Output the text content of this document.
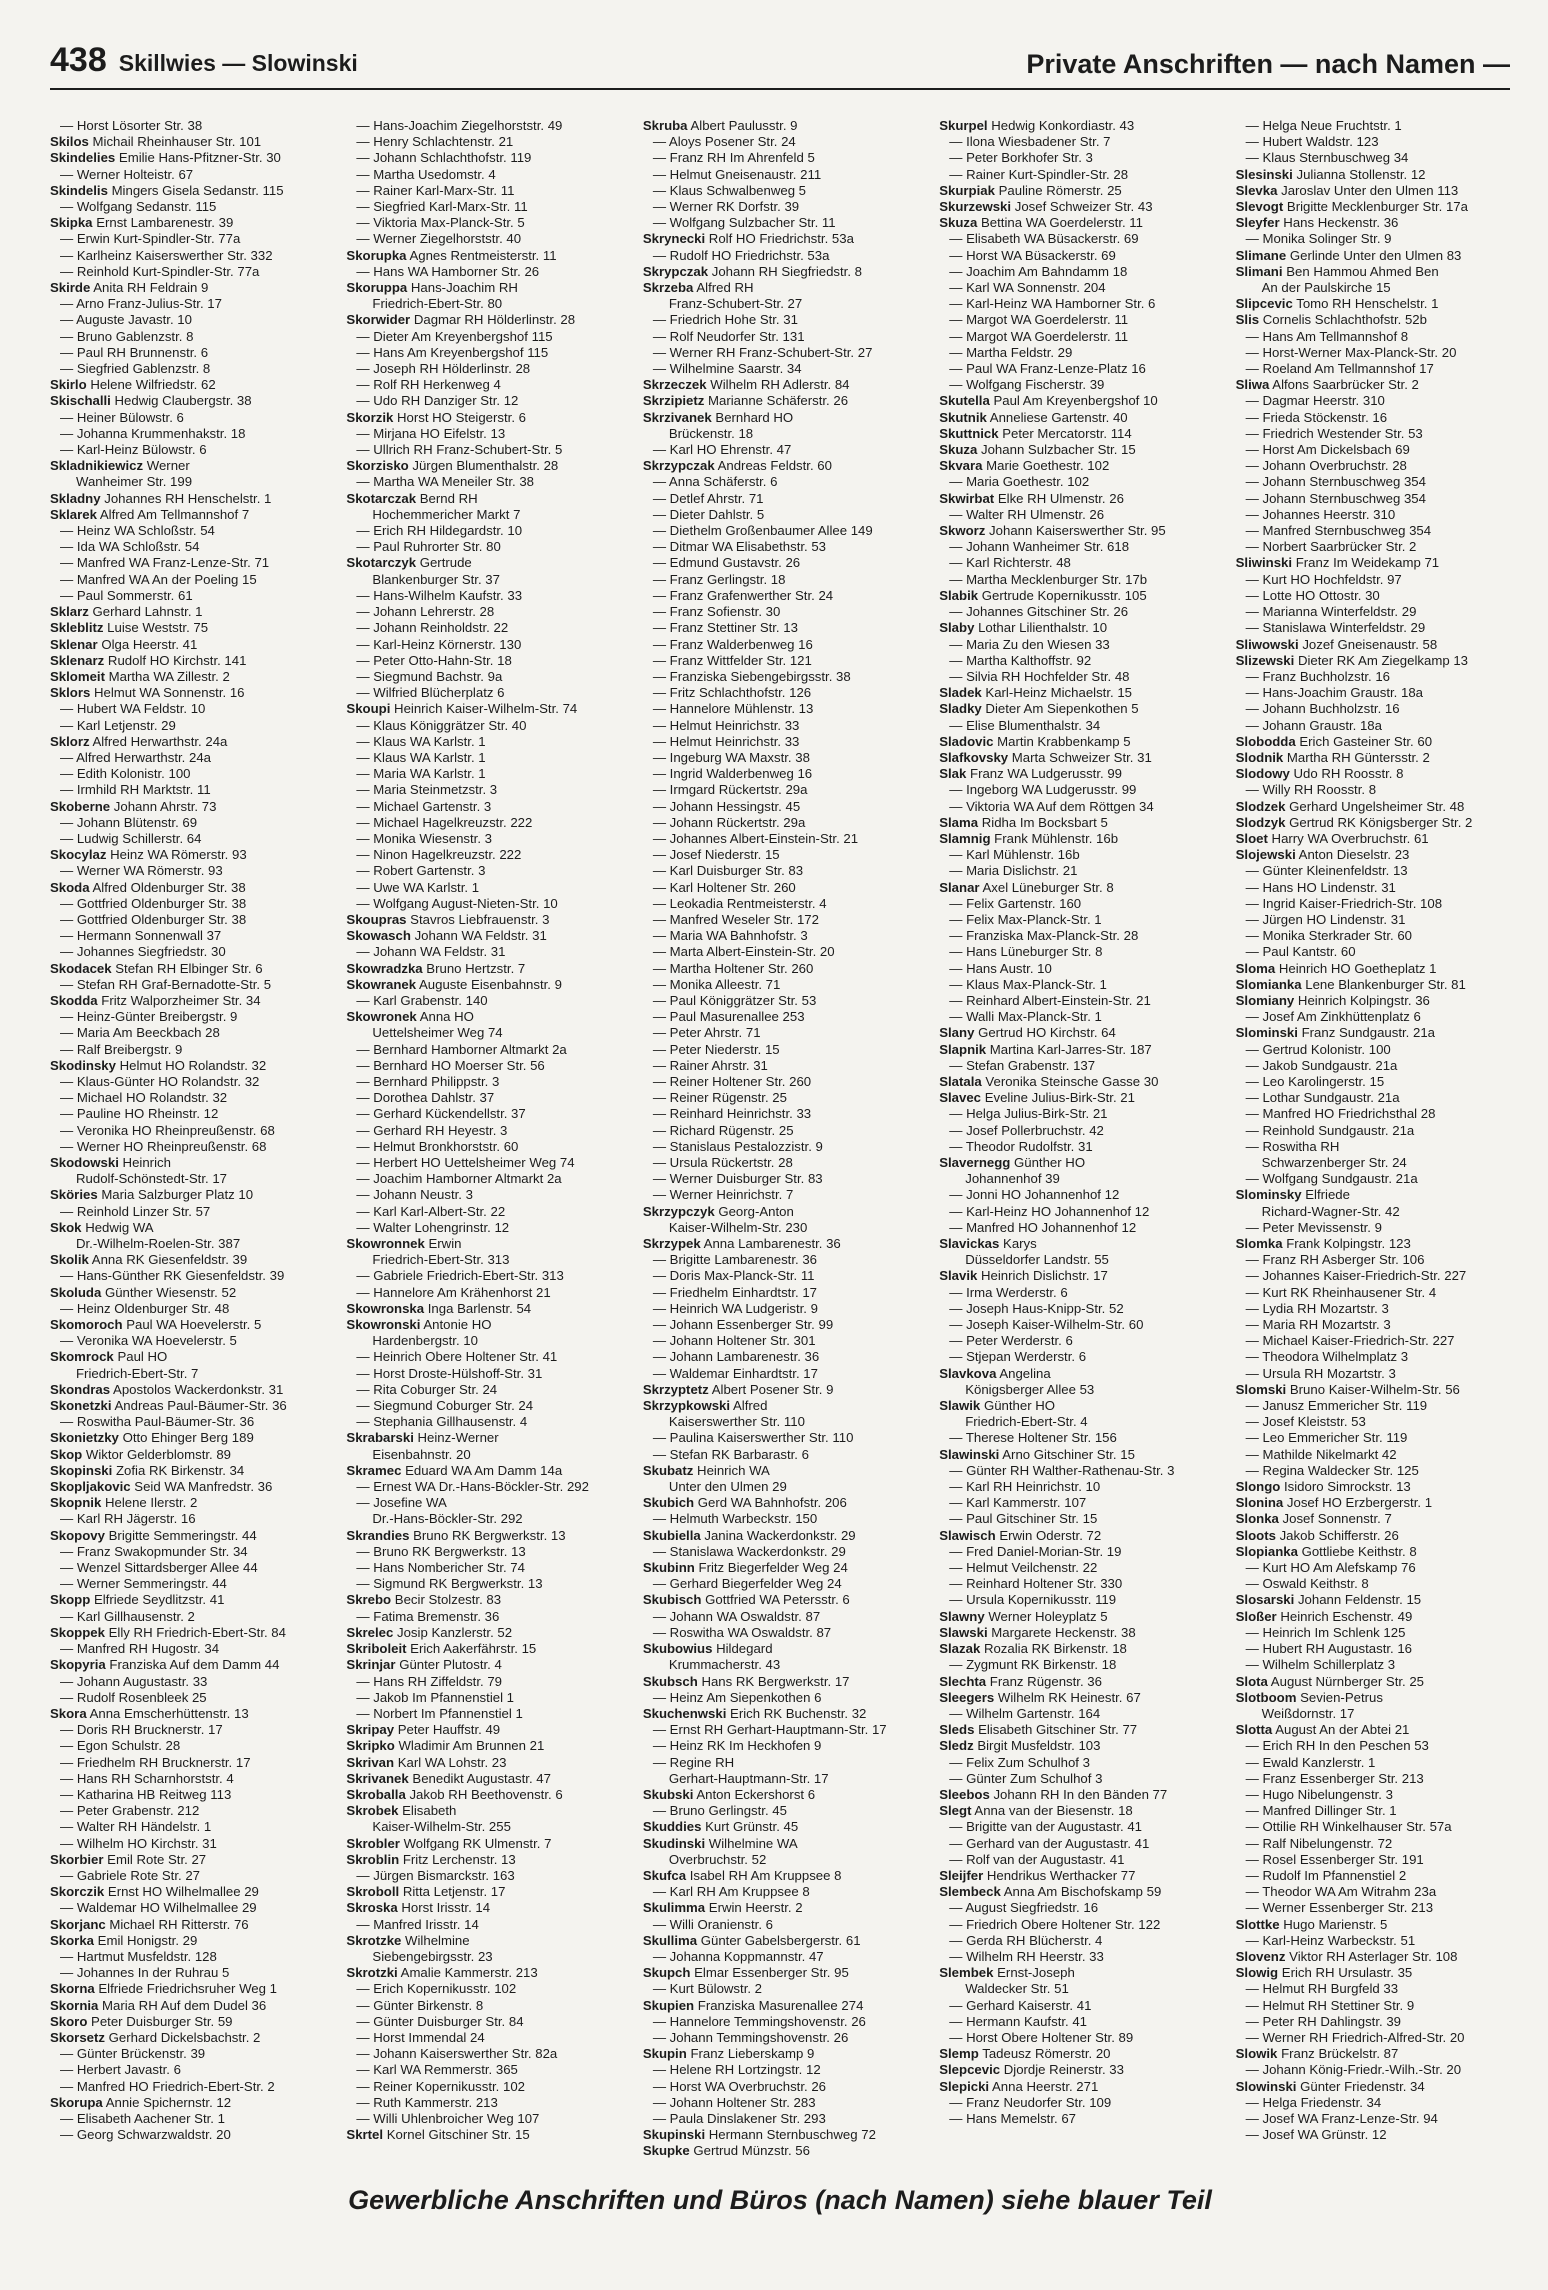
438 Skillwies — Slowinski	Private Anschriften — nach Namen —
— Horst Lösorter Str. 38
Skilos Michail Rheinhauser Str. 101
Skindelies Emilie Hans-Pfitzner-Str. 30
— Werner Holteistr. 67
Skindelis Mingers Gisela Sedanstr. 115
— Wolfgang Sedanstr. 115
Skipka Ernst Lambarenestr. 39
— Erwin Kurt-Spindler-Str. 77a
— Karlheinz Kaiserswerther Str. 332
— Reinhold Kurt-Spindler-Str. 77a
Skirde Anita RH Feldrain 9
— Arno Franz-Julius-Str. 17
— Auguste Javastr. 10
— Bruno Gablenzstr. 8
— Paul RH Brunnenstr. 6
— Siegfried Gablenzstr. 8
Skirlo Helene Wilfriedstr. 62
Skischalli Hedwig Claubergstr. 38
— Heiner Bülowstr. 6
— Johanna Krummenhakstr. 18
— Karl-Heinz Bülowstr. 6
Skladnikiewicz Werner
Wanheimer Str. 199
Skladny Johannes RH Henschelstr. 1
Sklarek Alfred Am Tellmannshof 7
— Heinz WA Schloßstr. 54
— Ida WA Schloßstr. 54
— Manfred WA Franz-Lenze-Str. 71
— Manfred WA An der Poeling 15
— Paul Sommerstr. 61
Sklarz Gerhard Lahnstr. 1
Skleblitz Luise Weststr. 75
Sklenar Olga Heerstr. 41
Sklenarz Rudolf HO Kirchstr. 141
Sklomeit Martha WA Zillestr. 2
Sklors Helmut WA Sonnenstr. 16
— Hubert WA Feldstr. 10
— Karl Letjenstr. 29
Sklorz Alfred Herwarthstr. 24a
— Alfred Herwarthstr. 24a
— Edith Kolonistr. 100
— Irmhild RH Marktstr. 11
Skoberne Johann Ahrstr. 73
— Johann Blütenstr. 69
— Ludwig Schillerstr. 64
Skocylaz Heinz WA Römerstr. 93
— Werner WA Römerstr. 93
Skoda Alfred Oldenburger Str. 38
— Gottfried Oldenburger Str. 38
— Gottfried Oldenburger Str. 38
— Hermann Sonnenwall 37
— Johannes Siegfriedstr. 30
Skodacek Stefan RH Elbinger Str. 6
— Stefan RH Graf-Bernadotte-Str. 5
Skodda Fritz Walporzheimer Str. 34
— Heinz-Günter Breibergstr. 9
— Maria Am Beeckbach 28
— Ralf Breibergstr. 9
Skodinsky Helmut HO Rolandstr. 32
— Klaus-Günter HO Rolandstr. 32
— Michael HO Rolandstr. 32
— Pauline HO Rheinstr. 12
— Veronika HO Rheinpreußenstr. 68
— Werner HO Rheinpreußenstr. 68
Skodowski Heinrich
Rudolf-Schönstedt-Str. 17
Sköries Maria Salzburger Platz 10
— Reinhold Linzer Str. 57
Skok Hedwig WA
Dr.-Wilhelm-Roelen-Str. 387
Skolik Anna RK Giesenfeldstr. 39
— Hans-Günther RK Giesenfeldstr. 39
Skoluda Günther Wiesenstr. 52
— Heinz Oldenburger Str. 48
Skomoroch Paul WA Hoevelerstr. 5
— Veronika WA Hoevelerstr. 5
Skomrock Paul HO
Friedrich-Ebert-Str. 7
Skondras Apostolos Wackerdonkstr. 31
Skonetzki Andreas Paul-Bäumer-Str. 36
— Roswitha Paul-Bäumer-Str. 36
Skonietzky Otto Ehinger Berg 189
Skop Wiktor Gelderblomstr. 89
Skopinski Zofia RK Birkenstr. 34
Skopljakovic Seid WA Manfredstr. 36
Skopnik Helene Ilerstr. 2
— Karl RH Jägerstr. 16
Skopovy Brigitte Semmeringstr. 44
— Franz Swakopmunder Str. 34
— Wenzel Sittardsberger Allee 44
— Werner Semmeringstr. 44
Skopp Elfriede Seydlitzstr. 41
— Karl Gillhausenstr. 2
Skoppek Elly RH Friedrich-Ebert-Str. 84
— Manfred RH Hugostr. 34
Skopyria Franziska Auf dem Damm 44
— Johann Augustastr. 33
— Rudolf Rosenbleek 25
Skora Anna Emscherhüttenstr. 13
— Doris RH Brucknerstr. 17
— Egon Schulstr. 28
— Friedhelm RH Brucknerstr. 17
— Hans RH Scharnhorststr. 4
— Katharina HB Reitweg 113
— Peter Grabenstr. 212
— Walter RH Händelstr. 1
— Wilhelm HO Kirchstr. 31
Skorbier Emil Rote Str. 27
— Gabriele Rote Str. 27
Skorczik Ernst HO Wilhelmallee 29
— Waldemar HO Wilhelmallee 29
Skorjanc Michael RH Ritterstr. 76
Skorka Emil Honigstr. 29
— Hartmut Musfeldstr. 128
— Johannes In der Ruhrau 5
Skorna Elfriede Friedrichsruher Weg 1
Skornia Maria RH Auf dem Dudel 36
Skoro Peter Duisburger Str. 59
Skorsetz Gerhard Dickelsbachstr. 2
— Günter Brückenstr. 39
— Herbert Javastr. 6
— Manfred HO Friedrich-Ebert-Str. 2
Skorupa Annie Spichernstr. 12
— Elisabeth Aachener Str. 1
— Georg Schwarzwaldstr. 20
— Hans-Joachim Ziegelhorststr. 49
— Henry Schlachtenstr. 21
— Johann Schlachthofstr. 119
— Martha Usedomstr. 4
— Rainer Karl-Marx-Str. 11
— Siegfried Karl-Marx-Str. 11
— Viktoria Max-Planck-Str. 5
— Werner Ziegelhorststr. 40
Skorupka Agnes Rentmeisterstr. 11
— Hans WA Hamborner Str. 26
Skoruppa Hans-Joachim RH
Friedrich-Ebert-Str. 80
Skorwider Dagmar RH Hölderlinstr. 28
— Dieter Am Kreyenbergshof 115
— Hans Am Kreyenbergshof 115
— Joseph RH Hölderlinstr. 28
— Rolf RH Herkenweg 4
— Udo RH Danziger Str. 12
Skorzik Horst HO Steigerstr. 6
— Mirjana HO Eifelstr. 13
— Ullrich RH Franz-Schubert-Str. 5
Skorzisko Jürgen Blumenthalstr. 28
— Martha WA Meneiler Str. 38
Skotarczak Bernd RH
Hochemmericher Markt 7
— Erich RH Hildegardstr. 10
— Paul Ruhrorter Str. 80
Skotarczyk Gertrude
Blankenburger Str. 37
— Hans-Wilhelm Kaufstr. 33
— Johann Lehrerstr. 28
— Johann Reinholdstr. 22
— Karl-Heinz Körnerstr. 130
— Peter Otto-Hahn-Str. 18
— Siegmund Bachstr. 9a
— Wilfried Blücherplatz 6
Skoupi Heinrich Kaiser-Wilhelm-Str. 74
— Klaus Königgrätzer Str. 40
— Klaus WA Karlstr. 1
— Klaus WA Karlstr. 1
— Maria WA Karlstr. 1
— Maria Steinmetzstr. 3
— Michael Gartenstr. 3
— Michael Hagelkreuzstr. 222
— Monika Wiesenstr. 3
— Ninon Hagelkreuzstr. 222
— Robert Gartenstr. 3
— Uwe WA Karlstr. 1
— Wolfgang August-Nieten-Str. 10
Skoupras Stavros Liebfrauenstr. 3
Skowasch Johann WA Feldstr. 31
— Johann WA Feldstr. 31
Skowradzka Bruno Hertzstr. 7
Skowranek Auguste Eisenbahnstr. 9
— Karl Grabenstr. 140
Skowronek Anna HO
Uettelsheimer Weg 74
— Bernhard Hamborner Altmarkt 2a
— Bernhard HO Moerser Str. 56
— Bernhard Philippstr. 3
— Dorothea Dahlstr. 37
— Gerhard Kückendellstr. 37
— Gerhard RH Heyestr. 3
— Helmut Bronkhorststr. 60
— Herbert HO Uettelsheimer Weg 74
— Joachim Hamborner Altmarkt 2a
— Johann Neustr. 3
— Karl Karl-Albert-Str. 22
— Walter Lohengrinstr. 12
Skowronnek Erwin
Friedrich-Ebert-Str. 313
— Gabriele Friedrich-Ebert-Str. 313
— Hannelore Am Krähenhorst 21
Skowronska Inga Barlenstr. 54
Skowronski Antonie HO
Hardenbergstr. 10
— Heinrich Obere Holtener Str. 41
— Horst Droste-Hülshoff-Str. 31
— Rita Coburger Str. 24
— Siegmund Coburger Str. 24
— Stephania Gillhausenstr. 4
Skrabarski Heinz-Werner
Eisenbahnstr. 20
Skramec Eduard WA Am Damm 14a
— Ernest WA Dr.-Hans-Böckler-Str. 292
— Josefine WA
Dr.-Hans-Böckler-Str. 292
Skrandies Bruno RK Bergwerkstr. 13
— Bruno RK Bergwerkstr. 13
— Hans Nombericher Str. 74
— Sigmund RK Bergwerkstr. 13
Skrebo Becir Stolzestr. 83
— Fatima Bremenstr. 36
Skrelec Josip Kanzlerstr. 52
Skriboleit Erich Aakerfährstr. 15
Skrinjar Günter Plutostr. 4
— Hans RH Ziffeldstr. 79
— Jakob Im Pfannenstiel 1
— Norbert Im Pfannenstiel 1
Skripay Peter Hauffstr. 49
Skripko Wladimir Am Brunnen 21
Skrivan Karl WA Lohstr. 23
Skrivanek Benedikt Augustastr. 47
Skroballa Jakob RH Beethovenstr. 6
Skrobek Elisabeth
Kaiser-Wilhelm-Str. 255
Skrobler Wolfgang RK Ulmenstr. 7
Skroblin Fritz Lerchenstr. 13
— Jürgen Bismarckstr. 163
Skroboll Ritta Letjenstr. 17
Skroska Horst Irisstr. 14
— Manfred Irisstr. 14
Skrotzke Wilhelmine
Siebengebirgsstr. 23
Skrotzki Amalie Kammerstr. 213
— Erich Kopernikusstr. 102
— Günter Birkenstr. 8
— Günter Duisburger Str. 84
— Horst Immendal 24
— Johann Kaiserswerther Str. 82a
— Karl WA Remmerstr. 365
— Reiner Kopernikusstr. 102
— Ruth Kammerstr. 213
— Willi Uhlenbroicher Weg 107
Skrtel Kornel Gitschiner Str. 15
Skruba Albert Paulusstr. 9
— Aloys Posener Str. 24
— Franz RH Im Ahrenfeld 5
— Helmut Gneisenaustr. 211
— Klaus Schwalbenweg 5
— Werner RK Dorfstr. 39
— Wolfgang Sulzbacher Str. 11
Skrynecki Rolf HO Friedrichstr. 53a
— Rudolf HO Friedrichstr. 53a
Skrypczak Johann RH Siegfriedstr. 8
Skrzeba Alfred RH
Franz-Schubert-Str. 27
— Friedrich Hohe Str. 31
— Rolf Neudorfer Str. 131
— Werner RH Franz-Schubert-Str. 27
— Wilhelmine Saarstr. 34
Skrzeczek Wilhelm RH Adlerstr. 84
Skrzipietz Marianne Schäferstr. 26
Skrzivanek Bernhard HO
Brückenstr. 18
— Karl HO Ehrenstr. 47
Skrzypczak Andreas Feldstr. 60
— Anna Schäferstr. 6
— Detlef Ahrstr. 71
— Dieter Dahlstr. 5
— Diethelm Großenbaumer Allee 149
— Ditmar WA Elisabethstr. 53
— Edmund Gustavstr. 26
— Franz Gerlingstr. 18
— Franz Grafenwerther Str. 24
— Franz Sofienstr. 30
— Franz Stettiner Str. 13
— Franz Walderbenweg 16
— Franz Wittfelder Str. 121
— Franziska Siebengebirgsstr. 38
— Fritz Schlachthofstr. 126
— Hannelore Mühlenstr. 13
— Helmut Heinrichstr. 33
— Helmut Heinrichstr. 33
— Ingeburg WA Maxstr. 38
— Ingrid Walderbenweg 16
— Irmgard Rückertstr. 29a
— Johann Hessingstr. 45
— Johann Rückertstr. 29a
— Johannes Albert-Einstein-Str. 21
— Josef Niederstr. 15
— Karl Duisburger Str. 83
— Karl Holtener Str. 260
— Leokadia Rentmeisterstr. 4
— Manfred Weseler Str. 172
— Maria WA Bahnhofstr. 3
— Marta Albert-Einstein-Str. 20
— Martha Holtener Str. 260
— Monika Alleestr. 71
— Paul Königgrätzer Str. 53
— Paul Masurenallee 253
— Peter Ahrstr. 71
— Peter Niederstr. 15
— Rainer Ahrstr. 31
— Reiner Holtener Str. 260
— Reiner Rügenstr. 25
— Reinhard Heinrichstr. 33
— Richard Rügenstr. 25
— Stanislaus Pestalozzistr. 9
— Ursula Rückertstr. 28
— Werner Duisburger Str. 83
— Werner Heinrichstr. 7
Skrzypczyk Georg-Anton
Kaiser-Wilhelm-Str. 230
Skrzypek Anna Lambarenestr. 36
— Brigitte Lambarenestr. 36
— Doris Max-Planck-Str. 11
— Friedhelm Einhardtstr. 17
— Heinrich WA Ludgeristr. 9
— Johann Essenberger Str. 99
— Johann Holtener Str. 301
— Johann Lambarenestr. 36
— Waldemar Einhardtstr. 17
Skrzyptetz Albert Posener Str. 9
Skrzypkowski Alfred
Kaiserswerther Str. 110
— Paulina Kaiserswerther Str. 110
— Stefan RK Barbarastr. 6
Skubatz Heinrich WA
Unter den Ulmen 29
Skubich Gerd WA Bahnhofstr. 206
— Helmuth Warbeckstr. 150
Skubiella Janina Wackerdonkstr. 29
— Stanislawa Wackerdonkstr. 29
Skubinn Fritz Biegerfelder Weg 24
— Gerhard Biegerfelder Weg 24
Skubisch Gottfried WA Petersstr. 6
— Johann WA Oswaldstr. 87
— Roswitha WA Oswaldstr. 87
Skubowius Hildegard
Krummacherstr. 43
Skubsch Hans RK Bergwerkstr. 17
— Heinz Am Siepenkothen 6
Skuchenwski Erich RK Buchenstr. 32
— Ernst RH Gerhart-Hauptmann-Str. 17
— Heinz RK Im Heckhofen 9
— Regine RH
Gerhart-Hauptmann-Str. 17
Skubski Anton Eckershorst 6
— Bruno Gerlingstr. 45
Skuddies Kurt Grünstr. 45
Skudinski Wilhelmine WA
Overbruchstr. 52
Skufca Isabel RH Am Kruppsee 8
— Karl RH Am Kruppsee 8
Skulimma Erwin Heerstr. 2
— Willi Oranienstr. 6
Skullima Günter Gabelsbergerstr. 61
— Johanna Koppmannstr. 47
Skupch Elmar Essenberger Str. 95
— Kurt Bülowstr. 2
Skupien Franziska Masurenallee 274
— Hannelore Temmingshovenstr. 26
— Johann Temmingshovenstr. 26
Skupin Franz Lieberskamp 9
— Helene RH Lortzingstr. 12
— Horst WA Overbruchstr. 26
— Johann Holtener Str. 283
— Paula Dinslakener Str. 293
Skupinski Hermann Sternbuschweg 72
Skupke Gertrud Münzstr. 56
Skurpel Hedwig Konkordiastr. 43
— Ilona Wiesbadener Str. 7
— Peter Borkhofer Str. 3
— Rainer Kurt-Spindler-Str. 28
Skurpiak Pauline Römerstr. 25
Skurzewski Josef Schweizer Str. 43
Skuza Bettina WA Goerdelerstr. 11
— Elisabeth WA Büsackerstr. 69
— Horst WA Büsackerstr. 69
— Joachim Am Bahndamm 18
— Karl WA Sonnenstr. 204
— Karl-Heinz WA Hamborner Str. 6
— Margot WA Goerdelerstr. 11
— Margot WA Goerdelerstr. 11
— Martha Feldstr. 29
— Paul WA Franz-Lenze-Platz 16
— Wolfgang Fischerstr. 39
Skutella Paul Am Kreyenbergshof 10
Skutnik Anneliese Gartenstr. 40
Skuttnick Peter Mercatorstr. 114
Skuza Johann Sulzbacher Str. 15
Skvara Marie Goethestr. 102
— Maria Goethestr. 102
Skwirbat Elke RH Ulmenstr. 26
— Walter RH Ulmenstr. 26
Skworz Johann Kaiserswerther Str. 95
— Johann Wanheimer Str. 618
— Karl Richterstr. 48
— Martha Mecklenburger Str. 17b
Slabik Gertrude Kopernikusstr. 105
— Johannes Gitschiner Str. 26
Slaby Lothar Lilienthalstr. 10
— Maria Zu den Wiesen 33
— Martha Kalthoffstr. 92
— Silvia RH Hochfelder Str. 48
Sladek Karl-Heinz Michaelstr. 15
Sladky Dieter Am Siepenkothen 5
— Elise Blumenthalstr. 34
Sladovic Martin Krabbenkamp 5
Slafkovsky Marta Schweizer Str. 31
Slak Franz WA Ludgerusstr. 99
— Ingeborg WA Ludgerusstr. 99
— Viktoria WA Auf dem Röttgen 34
Slama Ridha Im Bocksbart 5
Slamnig Frank Mühlenstr. 16b
— Karl Mühlenstr. 16b
— Maria Dislichstr. 21
Slanar Axel Lüneburger Str. 8
— Felix Gartenstr. 160
— Felix Max-Planck-Str. 1
— Franziska Max-Planck-Str. 28
— Hans Lüneburger Str. 8
— Hans Austr. 10
— Klaus Max-Planck-Str. 1
— Reinhard Albert-Einstein-Str. 21
— Walli Max-Planck-Str. 1
Slany Gertrud HO Kirchstr. 64
Slapnik Martina Karl-Jarres-Str. 187
— Stefan Grabenstr. 137
Slatala Veronika Steinsche Gasse 30
Slavec Eveline Julius-Birk-Str. 21
— Helga Julius-Birk-Str. 21
— Josef Pollerbruchstr. 42
— Theodor Rudolfstr. 31
Slavernegg Günther HO
Johannenhof 39
— Jonni HO Johannenhof 12
— Karl-Heinz HO Johannenhof 12
— Manfred HO Johannenhof 12
Slavickas Karys
Düsseldorfer Landstr. 55
Slavik Heinrich Dislichstr. 17
— Irma Werderstr. 6
— Joseph Haus-Knipp-Str. 52
— Joseph Kaiser-Wilhelm-Str. 60
— Peter Werderstr. 6
— Stjepan Werderstr. 6
Slavkova Angelina
Königsberger Allee 53
Slawik Günther HO
Friedrich-Ebert-Str. 4
— Therese Holtener Str. 156
Slawinski Arno Gitschiner Str. 15
— Günter RH Walther-Rathenau-Str. 3
— Karl RH Heinrichstr. 10
— Karl Kammerstr. 107
— Paul Gitschiner Str. 15
Slawisch Erwin Oderstr. 72
— Fred Daniel-Morian-Str. 19
— Helmut Veilchenstr. 22
— Reinhard Holtener Str. 330
— Ursula Kopernikusstr. 119
Slawny Werner Holeyplatz 5
Slawski Margarete Heckenstr. 38
Slazak Rozalia RK Birkenstr. 18
— Zygmunt RK Birkenstr. 18
Slechta Franz Rügenstr. 36
Sleegers Wilhelm RK Heinestr. 67
— Wilhelm Gartenstr. 164
Sleds Elisabeth Gitschiner Str. 77
Sledz Birgit Musfeldstr. 103
— Felix Zum Schulhof 3
— Günter Zum Schulhof 3
Sleebos Johann RH In den Bänden 77
Slegt Anna van der Biesenstr. 18
— Brigitte van der Augustastr. 41
— Gerhard van der Augustastr. 41
— Rolf van der Augustastr. 41
Sleijfer Hendrikus Werthacker 77
Slembeck Anna Am Bischofskamp 59
— August Siegfriedstr. 16
— Friedrich Obere Holtener Str. 122
— Gerda RH Blücherstr. 4
— Wilhelm RH Heerstr. 33
Slembek Ernst-Joseph
Waldecker Str. 51
— Gerhard Kaiserstr. 41
— Hermann Kaufstr. 41
— Horst Obere Holtener Str. 89
Slemp Tadeusz Römerstr. 20
Slepcevic Djordje Reinerstr. 33
Slepicki Anna Heerstr. 271
— Franz Neudorfer Str. 109
— Hans Memelstr. 67
— Helga Neue Fruchtstr. 1
— Hubert Waldstr. 123
— Klaus Sternbuschweg 34
Slesinski Julianna Stollenstr. 12
Slevka Jaroslav Unter den Ulmen 113
Slevogt Brigitte Mecklenburger Str. 17a
Sleyfer Hans Heckenstr. 36
— Monika Solinger Str. 9
Slimane Gerlinde Unter den Ulmen 83
Slimani Ben Hammou Ahmed Ben
An der Paulskirche 15
Slipcevic Tomo RH Henschelstr. 1
Slis Cornelis Schlachthofstr. 52b
— Hans Am Tellmannshof 8
— Horst-Werner Max-Planck-Str. 20
— Roeland Am Tellmannshof 17
Sliwa Alfons Saarbrücker Str. 2
— Dagmar Heerstr. 310
— Frieda Stöckenstr. 16
— Friedrich Westender Str. 53
— Horst Am Dickelsbach 69
— Johann Overbruchstr. 28
— Johann Sternbuschweg 354
— Johann Sternbuschweg 354
— Johannes Heerstr. 310
— Manfred Sternbuschweg 354
— Norbert Saarbrücker Str. 2
Sliwinski Franz Im Weidekamp 71
— Kurt HO Hochfeldstr. 97
— Lotte HO Ottostr. 30
— Marianna Winterfeldstr. 29
— Stanislawa Winterfeldstr. 29
Sliwowski Jozef Gneisenaustr. 58
Slizewski Dieter RK Am Ziegelkamp 13
— Franz Buchholzstr. 16
— Hans-Joachim Graustr. 18a
— Johann Buchholzstr. 16
— Johann Graustr. 18a
Slobodda Erich Gasteiner Str. 60
Slodnik Martha RH Güntersstr. 2
Slodowy Udo RH Roosstr. 8
— Willy RH Roosstr. 8
Slodzek Gerhard Ungelsheimer Str. 48
Slodzyk Gertrud RK Königsberger Str. 2
Sloet Harry WA Overbruchstr. 61
Slojewski Anton Dieselstr. 23
— Günter Kleinenfeldstr. 13
— Hans HO Lindenstr. 31
— Ingrid Kaiser-Friedrich-Str. 108
— Jürgen HO Lindenstr. 31
— Monika Sterkrader Str. 60
— Paul Kantstr. 60
Sloma Heinrich HO Goetheplatz 1
Slomianka Lene Blankenburger Str. 81
Slomiany Heinrich Kolpingstr. 36
— Josef Am Zinkhüttenplatz 6
Slominski Franz Sundgaustr. 21a
— Gertrud Kolonistr. 100
— Jakob Sundgaustr. 21a
— Leo Karolingerstr. 15
— Lothar Sundgaustr. 21a
— Manfred HO Friedrichsthal 28
— Reinhold Sundgaustr. 21a
— Roswitha RH
Schwarzenberger Str. 24
— Wolfgang Sundgaustr. 21a
Slominsky Elfriede
Richard-Wagner-Str. 42
— Peter Mevissenstr. 9
Slomka Frank Kolpingstr. 123
— Franz RH Asberger Str. 106
— Johannes Kaiser-Friedrich-Str. 227
— Kurt RK Rheinhausener Str. 4
— Lydia RH Mozartstr. 3
— Maria RH Mozartstr. 3
— Michael Kaiser-Friedrich-Str. 227
— Theodora Wilhelmplatz 3
— Ursula RH Mozartstr. 3
Slomski Bruno Kaiser-Wilhelm-Str. 56
— Janusz Emmericher Str. 119
— Josef Kleiststr. 53
— Leo Emmericher Str. 119
— Mathilde Nikelmarkt 42
— Regina Waldecker Str. 125
Slongo Isidoro Simrockstr. 13
Slonina Josef HO Erzbergerstr. 1
Slonka Josef Sonnenstr. 7
Sloots Jakob Schifferstr. 26
Slopianka Gottliebe Keithstr. 8
— Kurt HO Am Alefskamp 76
— Oswald Keithstr. 8
Slosarski Johann Feldenstr. 15
Sloßer Heinrich Eschenstr. 49
— Heinrich Im Schlenk 125
— Hubert RH Augustastr. 16
— Wilhelm Schillerplatz 3
Slota August Nürnberger Str. 25
Slotboom Sevien-Petrus
Weißdornstr. 17
Slotta August An der Abtei 21
— Erich RH In den Peschen 53
— Ewald Kanzlerstr. 1
— Franz Essenberger Str. 213
— Hugo Nibelungenstr. 3
— Manfred Dillinger Str. 1
— Ottilie RH Winkelhauser Str. 57a
— Ralf Nibelungenstr. 72
— Rosel Essenberger Str. 191
— Rudolf Im Pfannenstiel 2
— Theodor WA Am Witrahm 23a
— Werner Essenberger Str. 213
Slottke Hugo Marienstr. 5
— Karl-Heinz Warbeckstr. 51
Slovenz Viktor RH Asterlager Str. 108
Slowig Erich RH Ursulastr. 35
— Helmut RH Burgfeld 33
— Helmut RH Stettiner Str. 9
— Peter RH Dahlingstr. 39
— Werner RH Friedrich-Alfred-Str. 20
Slowik Franz Brückelstr. 87
— Johann König-Friedr.-Wilh.-Str. 20
Slowinski Günter Friedenstr. 34
— Helga Friedenstr. 34
— Josef WA Franz-Lenze-Str. 94
— Josef WA Grünstr. 12
Gewerbliche Anschriften und Büros (nach Namen) siehe blauer Teil
